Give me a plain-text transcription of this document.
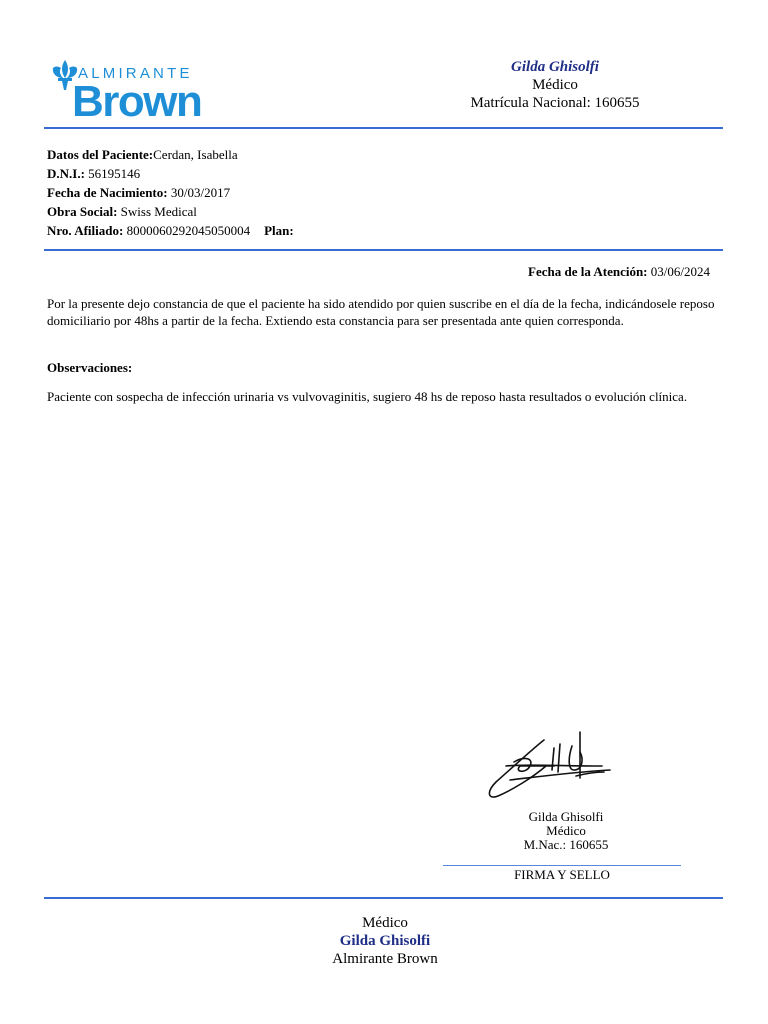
ALMIRANTE
Brown
Gilda Ghisolfi
Médico
Matrícula Nacional: 160655
Datos del Paciente:Cerdan, Isabella
D.N.I.: 56195146
Fecha de Nacimiento: 30/03/2017
Obra Social: Swiss Medical
Nro. Afiliado: 8000060292045050004 Plan:
Fecha de la Atención: 03/06/2024
Por la presente dejo constancia de que el paciente ha sido atendido por quien suscribe en el día de la fecha, indicándosele reposo domiciliario por 48hs a partir de la fecha. Extiendo esta constancia para ser presentada ante quien corresponda.
Observaciones:
Paciente con sospecha de infección urinaria vs vulvovaginitis, sugiero 48 hs de reposo hasta resultados o evolución clínica.
Gilda Ghisolfi
Médico
M.Nac.: 160655
FIRMA Y SELLO
Médico
Gilda Ghisolfi
Almirante Brown
